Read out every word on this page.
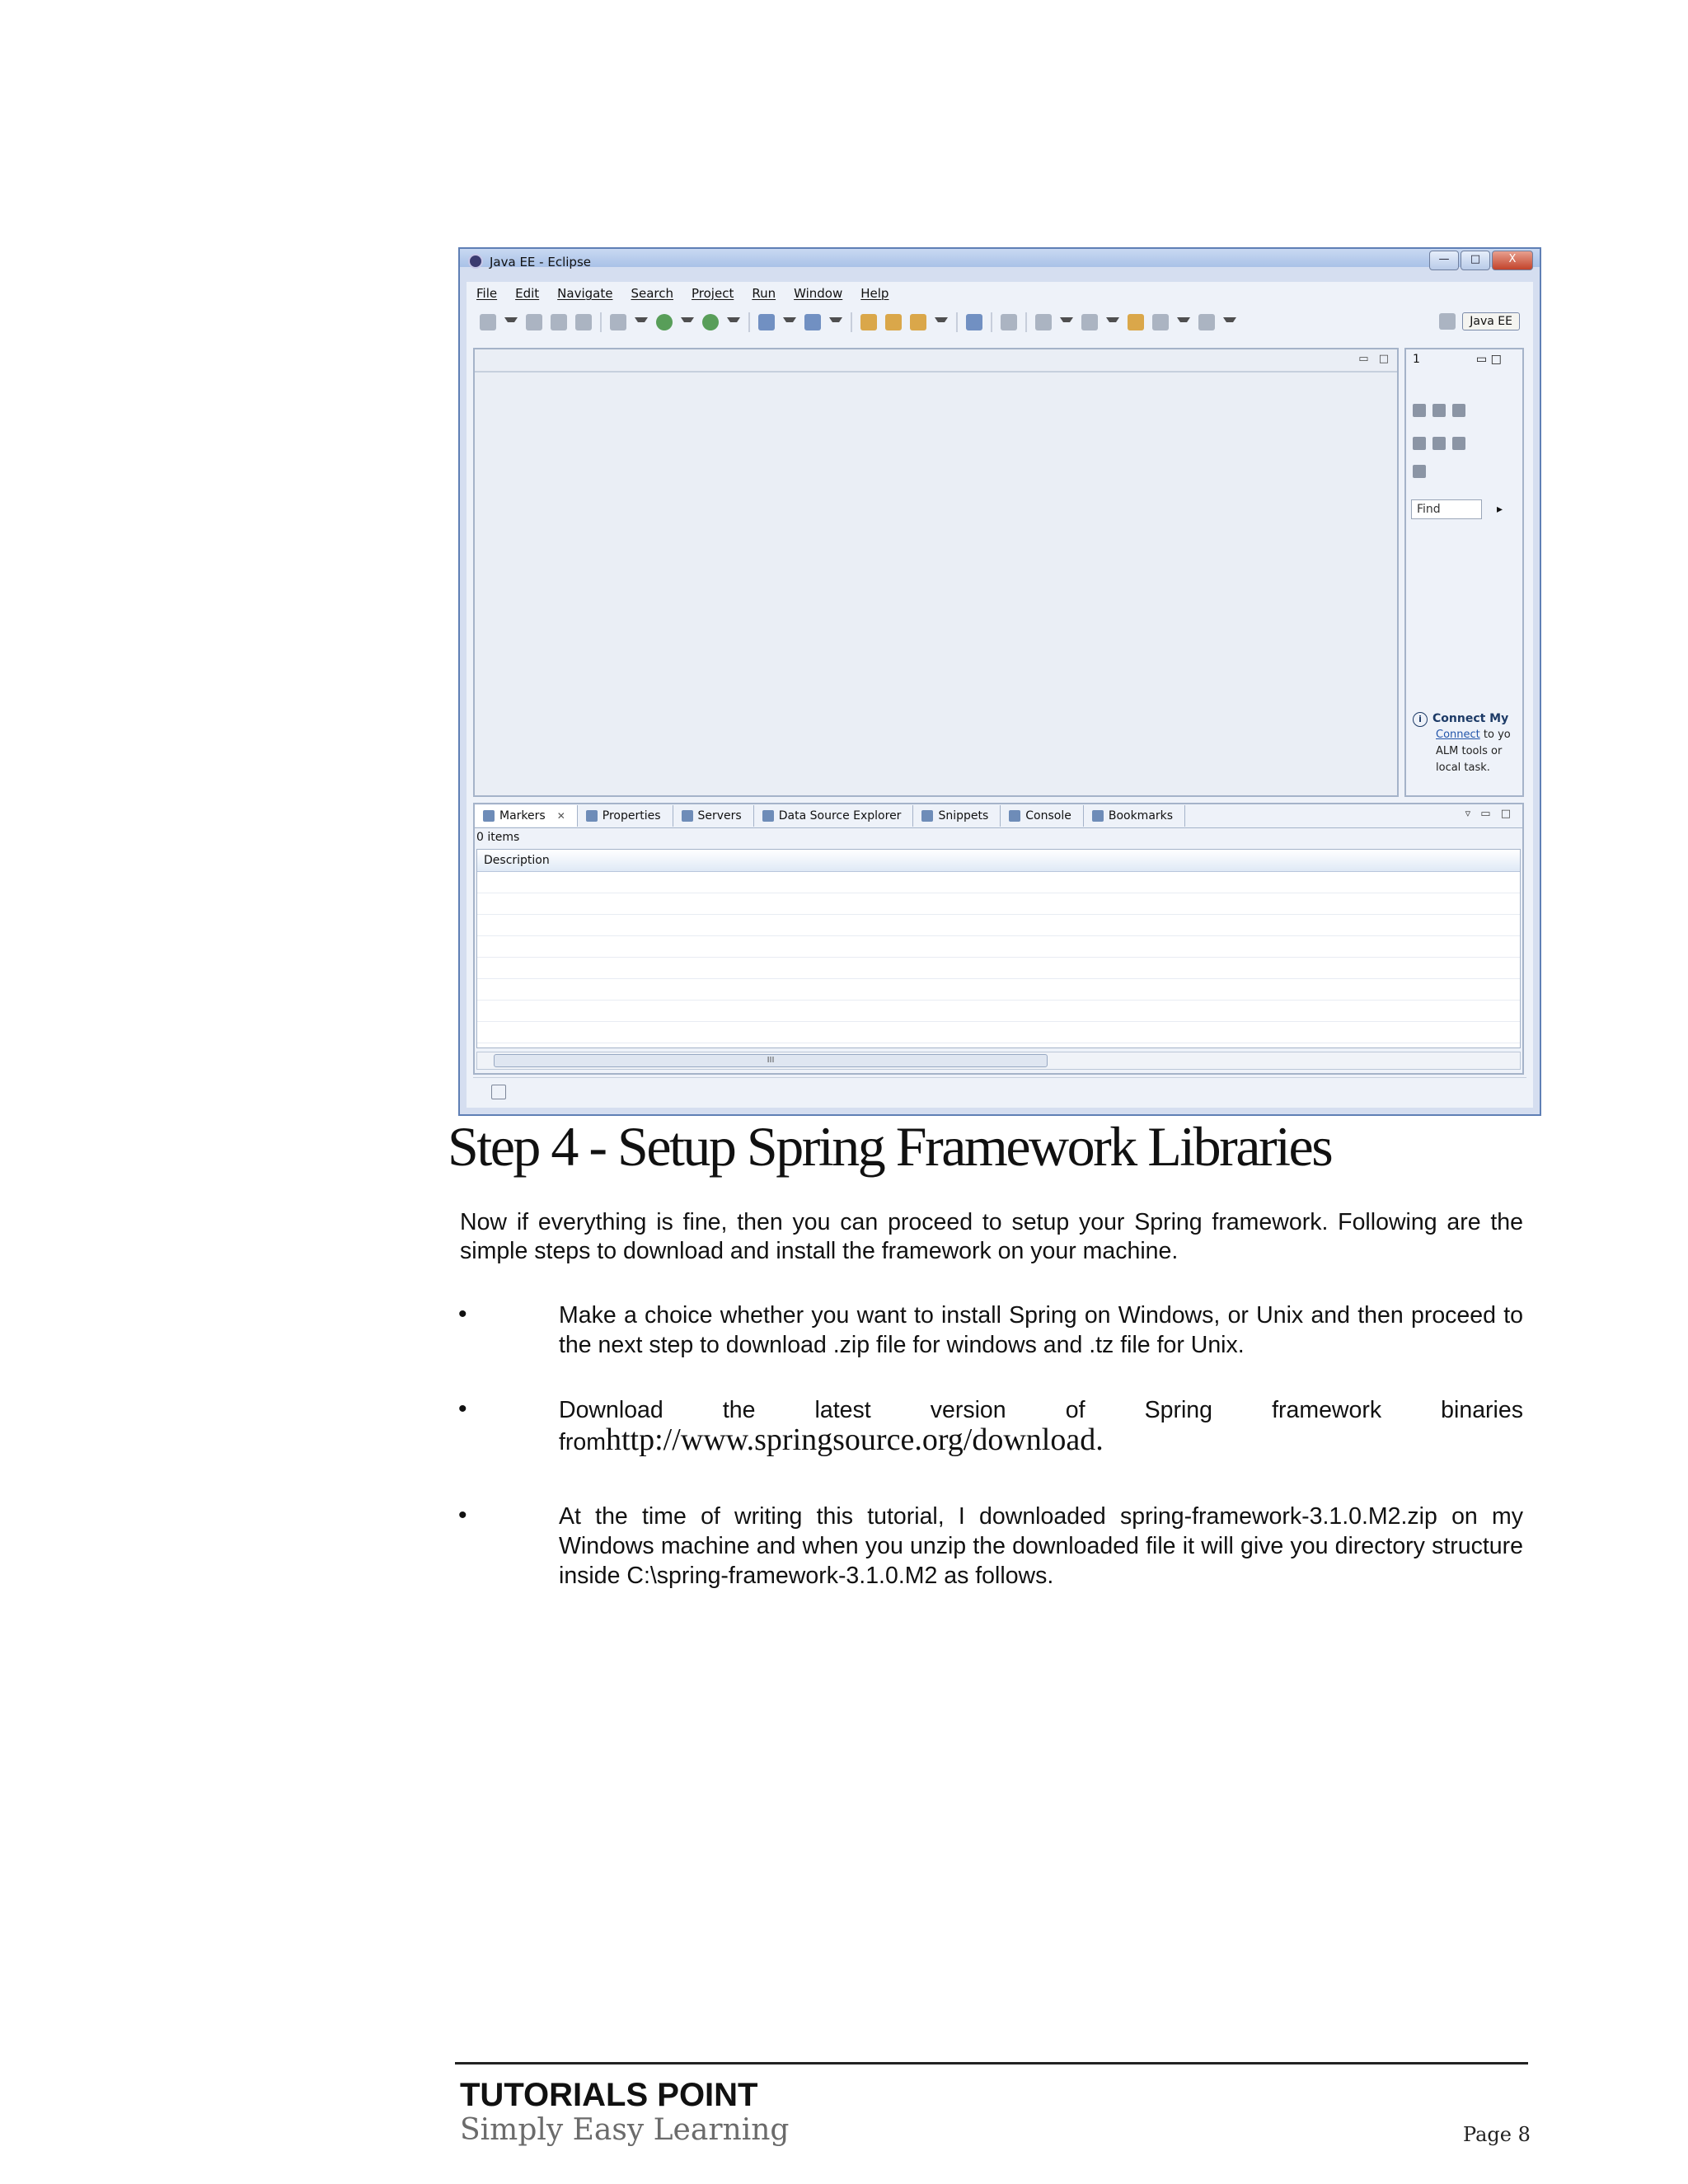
Java EE - Eclipse	—	□	X
File Edit Navigate Search Project Run Window Help
Java EE
▭ □ 1	▭ □
Find	▸
i Connect My
Connect to yo
ALM tools or
local task.
Markers ✕	Properties	Servers	Data Source Explorer	Snippets	Console	Bookmarks	▿ ▭ □
0 items
Description
III
Step 4 - Setup Spring Framework Libraries
Now if everything is fine, then you can proceed to setup your Spring framework. Following are the simple steps to download and install the framework on your machine.
•	Make a choice whether you want to install Spring on Windows, or Unix and then proceed to the next step to download .zip file for windows and .tz file for Unix.
•	Download the latest version of Spring framework binaries
fromhttp://www.springsource.org/download.
•	At the time of writing this tutorial, I downloaded spring-framework-3.1.0.M2.zip on my Windows machine and when you unzip the downloaded file it will give you directory structure inside C:\spring-framework-3.1.0.M2 as follows.
TUTORIALS POINT
Simply Easy Learning	Page 8
